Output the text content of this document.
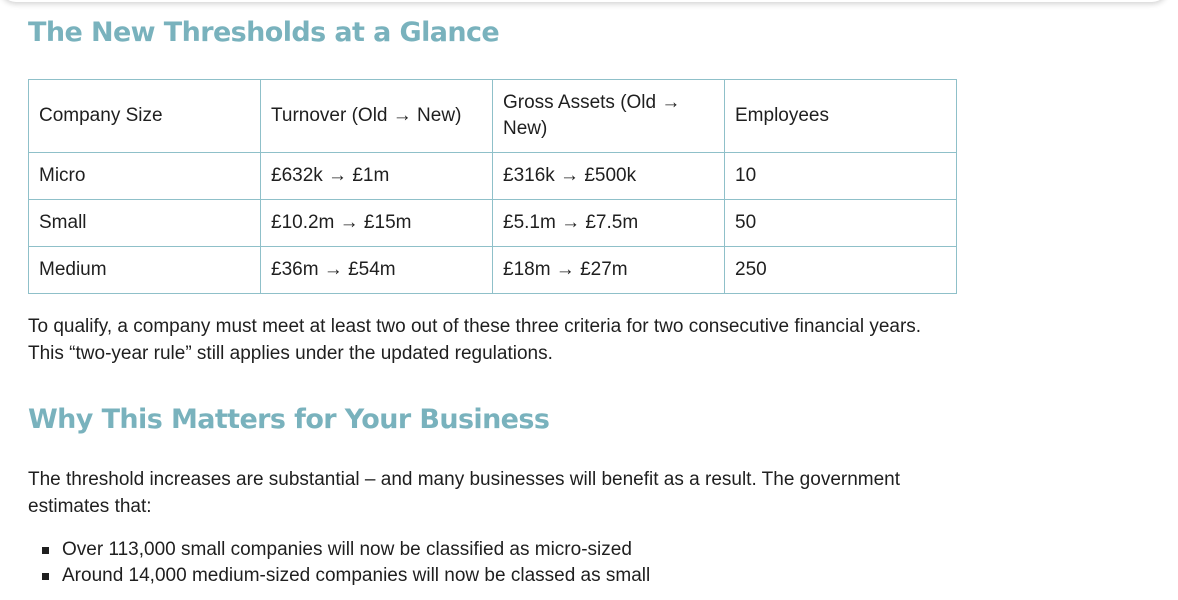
The New Thresholds at a Glance
Company Size	Turnover (Old → New)	Gross Assets (Old → New)	Employees
Micro	£632k → £1m	£316k → £500k	10
Small	£10.2m → £15m	£5.1m → £7.5m	50
Medium	£36m → £54m	£18m → £27m	250

To qualify, a company must meet at least two out of these three criteria for two consecutive financial years. This “two-year rule” still applies under the updated regulations.

Why This Matters for Your Business

The threshold increases are substantial – and many businesses will benefit as a result. The government estimates that:

Over 113,000 small companies will now be classified as micro-sized
Around 14,000 medium-sized companies will now be classed as small
